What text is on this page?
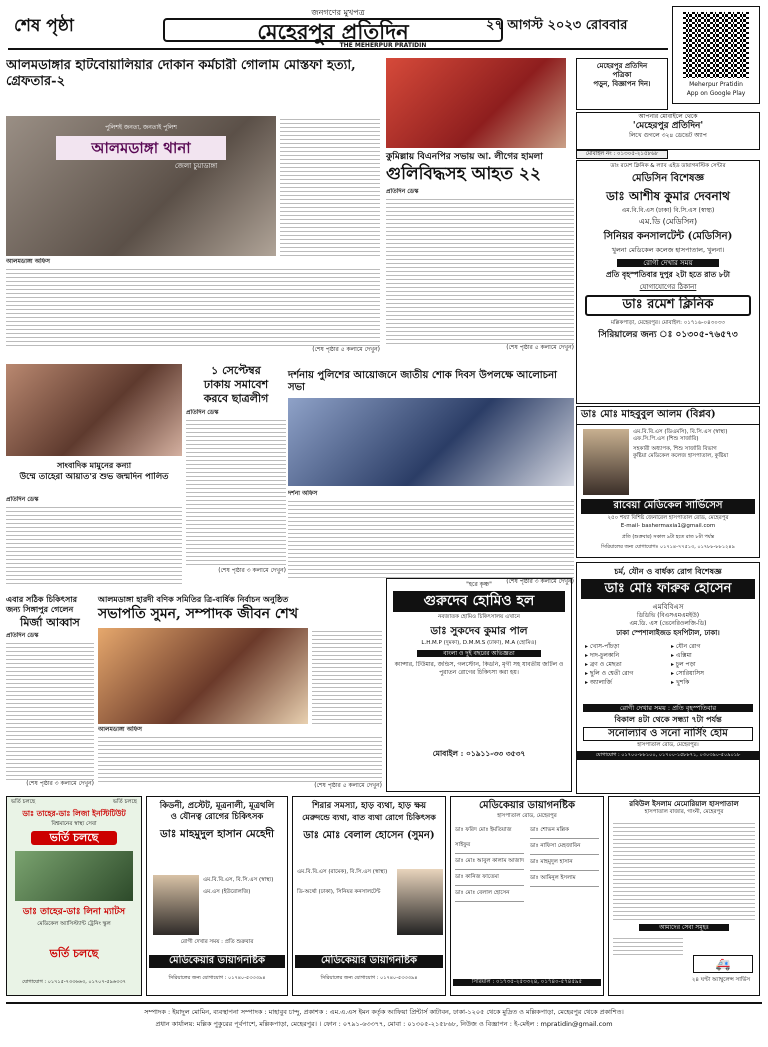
শেষ পৃষ্ঠা
জনগণের মুখপত্র
মেহেরপুর প্রতিদিন
THE MEHERPUR PRATIDIN
২৭ আগস্ট ২০২৩ রোববার
Meherpur Pratidin
App on Google Play
আলমডাঙ্গার হাটবোয়ালিয়ার দোকান কর্মচারী গোলাম মোস্তফা হত্যা, গ্রেফতার-২
পুলিশই জনতা, জনতাই পুলিশ
আলমডাঙ্গা থানা
জেলা চুয়াডাঙ্গা
আলমডাঙ্গা অফিস
(শেষ পৃষ্ঠার ৫ কলামে দেখুন)
কুমিল্লায় বিএনপির সভায় আ. লীগের হামলা
গুলিবিদ্ধসহ আহত ২২
প্রতিদিন ডেস্ক
(শেষ পৃষ্ঠার ৫ কলামে দেখুন)
মেহেরপুর প্রতিদিন
পত্রিকা
পড়ুন, বিজ্ঞাপন দিন।
আপনার মোবাইলে থেকে
'মেহেরপুর প্রতিদিন'
লিখে গুগলে ৩২৪ ডেভেট অ্যাপ
মোবাইল নং : ০১৩০৫-২১৫৮৬৮
ডাঃ রমেশ ক্লিনিক & ল্যাব এইড ডায়াগনস্টিক সেন্টার
মেডিসিন বিশেষজ্ঞ
ডাঃ আশীষ কুমার দেবনাথ
এম.বি.বি.এস (ঢাকা) বি.সি.এস (স্বাস্থ্য)
এম.ডি (মেডিসিন)
সিনিয়র কনসালটেন্ট (মেডিসিন)
খুলনা মেডিকেল কলেজ হাসপাতাল, খুলনা।
রোগী দেখার সময়
প্রতি বৃহস্পতিবার দুপুর ২টা হতে রাত ৮টা
যোগাযোগের ঠিকানা
ডাঃ রমেশ ক্লিনিক
মল্লিকপাড়া, মেহেরপুর। মোবাইল: ০১৭১৬-০৪৩০৩৩
সিরিয়ালের জন্য ঃ ০১৩০৫-৭৬৫৭৩
সাংবাদিক মামুনের কন্যা
উম্মে তাহেরা আয়াত'র শুভ জন্মদিন পালিত
প্রতিদিন ডেস্ক
১ সেপ্টেম্বর
ঢাকায় সমাবেশ
করবে ছাত্রলীগ
প্রতিদিন ডেস্ক
(শেষ পৃষ্ঠার ৩ কলামে দেখুন)
দর্শনায় পুলিশের আয়োজনে জাতীয় শোক দিবস উপলক্ষে আলোচনা সভা
দর্শনা অফিস
(শেষ পৃষ্ঠার ৩ কলামে দেখুন)
ডাঃ মোঃ মাহবুবুল আলম (বিপ্লব)
এম.বি.বি.এস (ডিএমসি), বি.সি.এস (স্বাস্থ্য)
এফ.সি.পি.এস (শিশু সার্জারি)
সহকারী অধ্যাপক, শিশু সার্জারি বিভাগ
কুষ্টিয়া মেডিকেল কলেজ হাসপাতাল, কুষ্টিয়া
রাবেয়া মেডিকেল সার্ভিসেস
২৫০ শয্যা বিশিষ্ট জেনারেল হাসপাতাল রোড, মেহেরপুর
E-mail- bashermaxia1@gmail.com
প্রতি (শুক্রবার) সকাল ৯টা হতে রাত ৮টা পর্যন্ত
সিরিয়ালের জন্য যোগাযোগঃ ০১৭১৪-৭৭৫১৩, ০১৭৮৮-৮৮১২৪৯
চর্ম, যৌন ও বার্ধক্য রোগ বিশেষজ্ঞ
ডাঃ মোঃ ফারুক হোসেন
এমবিবিএস
ডিডিভি (বিএসএমএমইউ)
এম.ডি. এস (ভেনেরিওলজি-ডি)
ঢাকা স্পেশালাইজড হসপিটাল, ঢাকা।
▸ খোস-পাঁচড়া
▸ দাদ-চুলকানি
▸ ব্রণ ও মেছতা
▸ ছুলি ও শ্বেতী রোগ
▸ অ্যালার্জি
▸ যৌন রোগ
▸ এক্সিমা
▸ চুল পড়া
▸ সোরিয়াসিস
▸ খুশকি
রোগী দেখার সময় : প্রতি বৃহস্পতিবার
বিকাল ৪টা থেকে সন্ধ্যা ৭টা পর্যন্ত
সনোল্যাব ও সনো নার্সিং হোম
হাসপাতাল রোড, মেহেরপুর।
যোগাযোগ : ০১৭০০-৮৮১০০, ০১৭০০-১৫৮৮৭১, ০৩০৩৯০-৫০৯০১৮
এবার সঠিক চিকিৎসার
জন্য সিঙ্গাপুর গেলেন
মির্জা আব্বাস
প্রতিদিন ডেস্ক
(শেষ পৃষ্ঠার ৩ কলামে দেখুন)
আলমডাঙ্গা হারদী বণিক সমিতির ত্রি-বার্ষিক নির্বাচন অনুষ্ঠিত
সভাপতি সুমন, সম্পাদক জীবন শেখ
আলমডাঙ্গা অফিস
(শেষ পৃষ্ঠার ৫ কলামে দেখুন)
"হরে কৃষ্ণ"
গুরুদেব হোমিও হল
নবজাতক হোমিও চিকিৎসালয় এখানে
ডাঃ সুকদেব কুমার পাল
L.H.M.P (দুমকা), D.M.M.S (ঢাকা), M.A (হোমিও)
বাংলা ও দুই বছরের অভিজ্ঞতা
ক্যান্সার, টিউমার, জন্ডিস, গলস্টোন, কিডনি, মৃগী সহ যাবতীয় জটিল ও পুরাতন রোগের চিকিৎসা করা হয়।
মোবাইল : ০১৯১১-৩৩ ৩৫৩৭
ভর্তি চলছে	ভর্তি চলছে
ডাঃ তাহের-ডাঃ লিজা ইনস্টিটিউট
বিশ্বমানের স্বাস্থ্য সেবা
ভর্তি চলছে
ডাঃ তাহের-ডাঃ লিনা ম্যাটস
মেডিকেল অ্যাসিস্ট্যান্ট ট্রেনিং স্কুল
ভর্তি চলছে
যোগাযোগ : ০১৭১৫-৭৩৩৬৬৩, ০১৭০৭-৫৯৬৩৩৭
কিডনী, প্রস্টেট, মূত্রনালী, মূত্রথলি
ও যৌনত্ব রোগের চিকিৎসক
ডাঃ মাহমুদুল হাসান মেহেদী
এম.বি.বি.এস, বি.সি.এস (স্বাস্থ্য)
এম.এস (ইউরোলজি)
রোগী দেখার সময় : প্রতি শুক্রবার
মেডিকেয়ার ডায়াগনষ্টিক
সিরিয়ালের জন্য যোগাযোগ : ০১৭৪০-৫৩৩৩৯৪
শিরার সমস্যা, হাড় ব্যথা, হাড় ক্ষয়
মেরুদন্ডে ব্যথা, বাত ব্যথা রোগে চিকিৎসক
ডাঃ মোঃ বেলাল হোসেন (সুমন)
এম.বি.বি.এস (রামেক), বি.সি.এস (স্বাস্থ্য)
ডি-অর্থো (ঢাকা), সিনিয়র কনসালটেন্ট
মেডিকেয়ার ডায়াগনষ্টিক
সিরিয়ালের জন্য যোগাযোগ : ০১৭৪০-৫৩৩৩৯৪
মেডিকেয়ার ডায়াগনষ্টিক
হাসপাতাল রোড, মেহেরপুর
ডাঃ ফরিদ মোঃ ইমতিয়াজ সাইফুর
ডাঃ মোঃ আবুল কালাম আজাদ
ডাঃ কানিজ ফাতেমা
ডাঃ মোঃ বেলাল হোসেন
ডাঃ শোভন মল্লিক
ডাঃ নাফিসা মেহজাবিন
ডাঃ মাহমুদুল হাসান
ডাঃ আমিনুল ইসলাম
সিরিয়াল : ০১৭৩৫-২৫৩৩২৪, ০১৭৪০-৫৭৪৫৯৫
রবিউল ইসলাম মেমোরিয়াল হাসপাতাল
হাসপাতাল বাজার, গাংনী, মেহেরপুর
আমাদের সেবা সমূহঃ
🚑
২৪ ঘণ্টা অ্যাম্বুলেন্স সার্ভিস
সম্পাদক : ইয়াদুল মোমিন, ব্যবস্থাপনা সম্পাদক : মাহাবুব চান্দু, প্রকাশক : এম.এ.এস ইমন কর্তৃক আফিয়া প্রিন্টার্স কাটাবন, ঢাকা-১২০৫ থেকে মুদ্রিত ও মল্লিকপাড়া, মেহেরপুর থেকে প্রকাশিত।
প্রধান কার্যালয়: মল্লিক পুকুরের পূর্বপাশে, মল্লিকপাড়া, মেহেরপুর। । ফোন : ০৭৯১-৬৩৩৭৭, মোবা : ০১৩০৫-২১৫৮৬৮, নিউজ ও বিজ্ঞাপন : ই-মেইল : mpratidin@gmail.com
